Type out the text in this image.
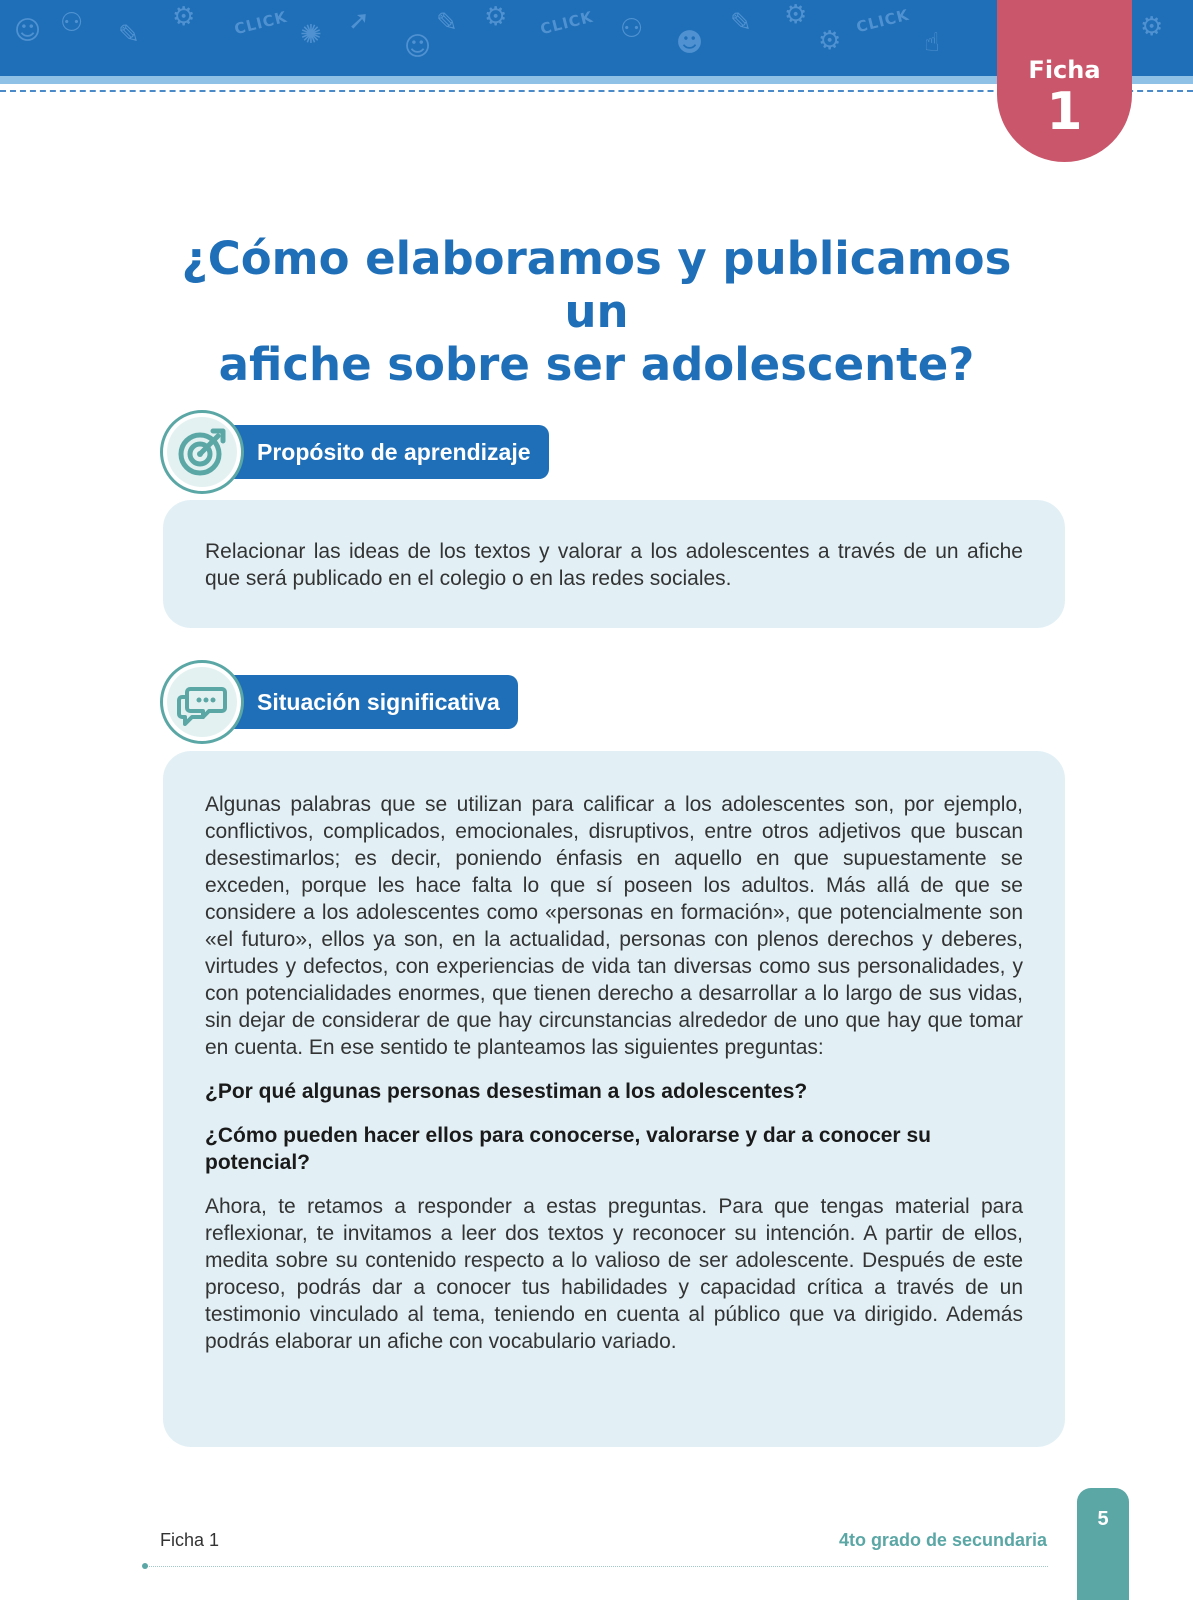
☺ ⚇ ✎
⚙ CLICK ✺ ➚
☺
✎ ⚙ CLICK ⚇ ☻
✎ ⚙
⚙
CLICK
☝
⚙
Ficha
1
¿Cómo elaboramos y publicamos un
afiche sobre ser adolescente?
Propósito de aprendizaje

Relacionar las ideas de los textos y valorar a los adolescentes a través de un afiche que será publicado en el colegio o en las redes sociales.

Situación significativa

Algunas palabras que se utilizan para calificar a los adolescentes son, por ejemplo, conflictivos, complicados, emocionales, disruptivos, entre otros adjetivos que buscan desestimarlos; es decir, poniendo énfasis en aquello en que supuestamente se exceden, porque les hace falta lo que sí poseen los adultos. Más allá de que se considere a los adolescentes como «personas en formación», que potencialmente son «el futuro», ellos ya son, en la actualidad, personas con plenos derechos y deberes, virtudes y defectos, con experiencias de vida tan diversas como sus personalidades, y con potencialidades enormes, que tienen derecho a desarrollar a lo largo de sus vidas, sin dejar de considerar de que hay circunstancias alrededor de uno que hay que tomar en cuenta. En ese sentido te planteamos las siguientes preguntas:

¿Por qué algunas personas desestiman a los adolescentes?

¿Cómo pueden hacer ellos para conocerse, valorarse y dar a conocer su potencial?

Ahora, te retamos a responder a estas preguntas. Para que tengas material para reflexionar, te invitamos a leer dos textos y reconocer su intención. A partir de ellos, medita sobre su contenido respecto a lo valioso de ser adolescente. Después de este proceso, podrás dar a conocer tus habilidades y capacidad crítica a través de un testimonio vinculado al tema, teniendo en cuenta al público que va dirigido. Además podrás elaborar un afiche con vocabulario variado.

Ficha 1	4to grado de secundaria
5
